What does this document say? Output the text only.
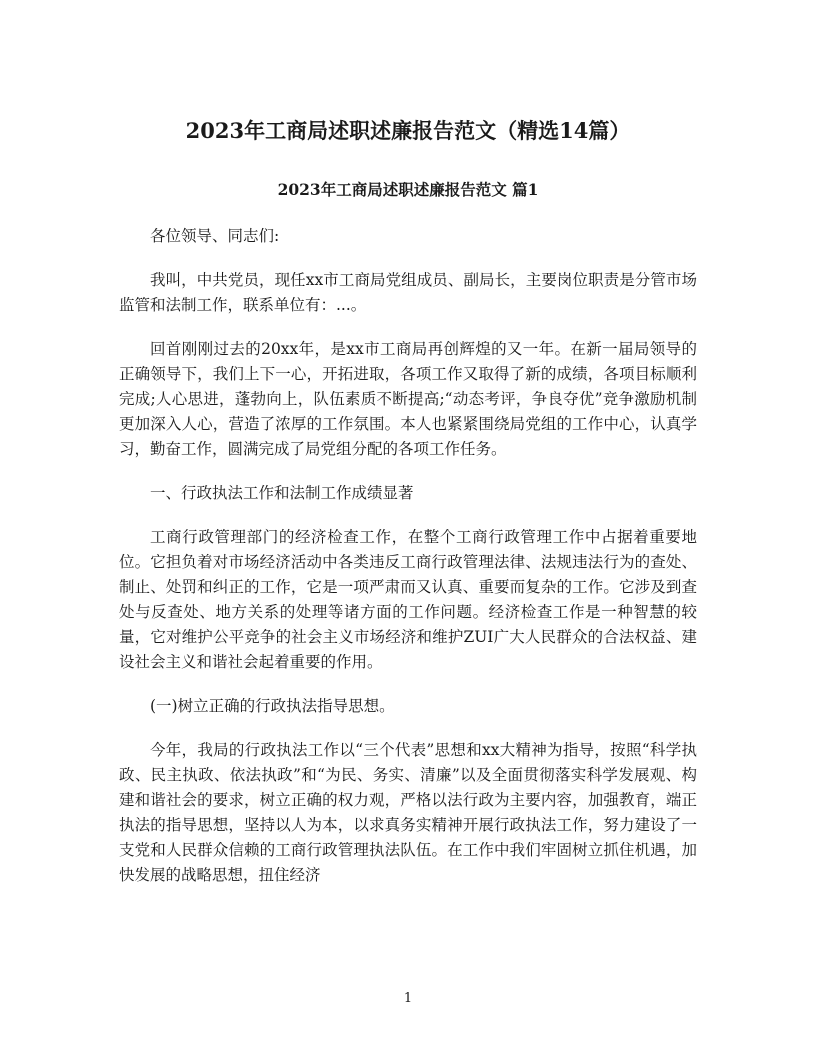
2023年工商局述职述廉报告范文（精选14篇）
2023年工商局述职述廉报告范文 篇1

各位领导、同志们:

我叫，中共党员，现任xx市工商局党组成员、副局长，主要岗位职责是分管市场监管和法制工作，联系单位有：...。

回首刚刚过去的20xx年，是xx市工商局再创辉煌的又一年。在新一届局领导的正确领导下，我们上下一心，开拓进取，各项工作又取得了新的成绩，各项目标顺利完成;人心思进，蓬勃向上，队伍素质不断提高;“动态考评，争良夺优”竞争激励机制更加深入人心，营造了浓厚的工作氛围。本人也紧紧围绕局党组的工作中心，认真学习，勤奋工作，圆满完成了局党组分配的各项工作任务。

一、行政执法工作和法制工作成绩显著

工商行政管理部门的经济检查工作，在整个工商行政管理工作中占据着重要地位。它担负着对市场经济活动中各类违反工商行政管理法律、法规违法行为的查处、制止、处罚和纠正的工作，它是一项严肃而又认真、重要而复杂的工作。它涉及到查处与反查处、地方关系的处理等诸方面的工作问题。经济检查工作是一种智慧的较量，它对维护公平竞争的社会主义市场经济和维护ZUI广大人民群众的合法权益、建设社会主义和谐社会起着重要的作用。

(一)树立正确的行政执法指导思想。

今年，我局的行政执法工作以“三个代表”思想和xx大精神为指导，按照“科学执政、民主执政、依法执政”和“为民、务实、清廉”以及全面贯彻落实科学发展观、构建和谐社会的要求，树立正确的权力观，严格以法行政为主要内容，加强教育，端正执法的指导思想，坚持以人为本，以求真务实精神开展行政执法工作，努力建设了一支党和人民群众信赖的工商行政管理执法队伍。在工作中我们牢固树立抓住机遇，加快发展的战略思想，扭住经济

1
